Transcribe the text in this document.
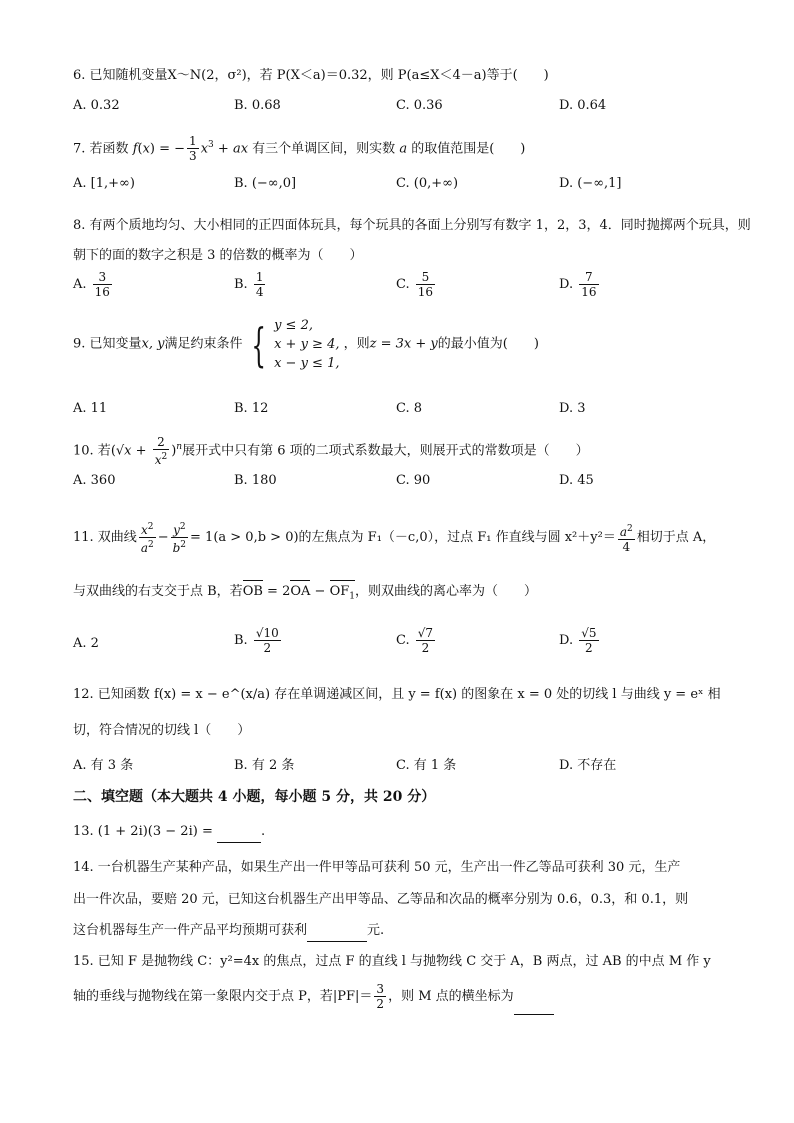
6. 已知随机变量X～N(2，σ²)，若 P(X＜a)＝0.32，则 P(a≤X＜4－a)等于(　　)
A. 0.32	B. 0.68	C. 0.36	D. 0.64
7. 若函数 f(x) = − $\frac{1}{3} x^3$ + ax 有三个单调区间，则实数 a 的取值范围是(　　)
A. [1,+∞)	B. (−∞,0]	C. (0,+∞)	D. (−∞,1]
8. 有两个质地均匀、大小相同的正四面体玩具，每个玩具的各面上分别写有数字 1，2，3，4．同时抛掷两个玩具，则朝下的面的数字之积是 3 的倍数的概率为（　　）
A. $\frac{3}{16}$	B. $\frac{1}{4}$	C. $\frac{5}{16}$	D. $\frac{7}{16}$
9. 已知变量x, y满足约束条件 { y ≤ 2,
x + y ≥ 4,
x − y ≤ 1,
，则z = 3x + y的最小值为(　　)
A. 11	B. 12	C. 8	D. 3
10. 若$(√x + \frac{2}{x^2} )^n$展开式中只有第 6 项的二项式系数最大，则展开式的常数项是（　　）
A. 360	B. 180	C. 90	D. 45
11. 双曲线 $\frac{x^2}{a^2} - \frac{y^2}{b^2} = 1(a > 0,b > 0)$的左焦点为 F₁（－c,0），过点 F₁ 作直线与圆 $x^2+y^2= \frac{a^2}{4}$ 相切于点 A，
与双曲线的右支交于点 B，若OB = $2OA - OF_1$，则双曲线的离心率为（　　）
A. 2	B. $\frac{√10}{2}$	C. $\frac{√7}{2}$	D. $\frac{√5}{2}$
12. 已知函数 f(x) = x − e^(x/a) 存在单调递减区间，且 y = f(x) 的图象在 x = 0 处的切线 l 与曲线 y = eˣ 相
切，符合情况的切线 l（　　）
A. 有 3 条	B. 有 2 条	C. 有 1 条	D. 不存在
二、填空题（本大题共 4 小题，每小题 5 分，共 20 分）
13. (1 + 2i)(3 − 2i) =	.
14. 一台机器生产某种产品，如果生产出一件甲等品可获利 50 元，生产出一件乙等品可获利 30 元，生产
出一件次品，要赔 20 元，已知这台机器生产出甲等品、乙等品和次品的概率分别为 0.6，0.3，和 0.1，则
这台机器每生产一件产品平均预期可获利	元.
15. 已知 F 是抛物线 C：y²=4x 的焦点，过点 F 的直线 l 与抛物线 C 交于 A，B 两点，过 AB 的中点 M 作 y
轴的垂线与抛物线在第一象限内交于点 P，若$|PF|= \frac{3}{2}$ ，则 M 点的横坐标为
